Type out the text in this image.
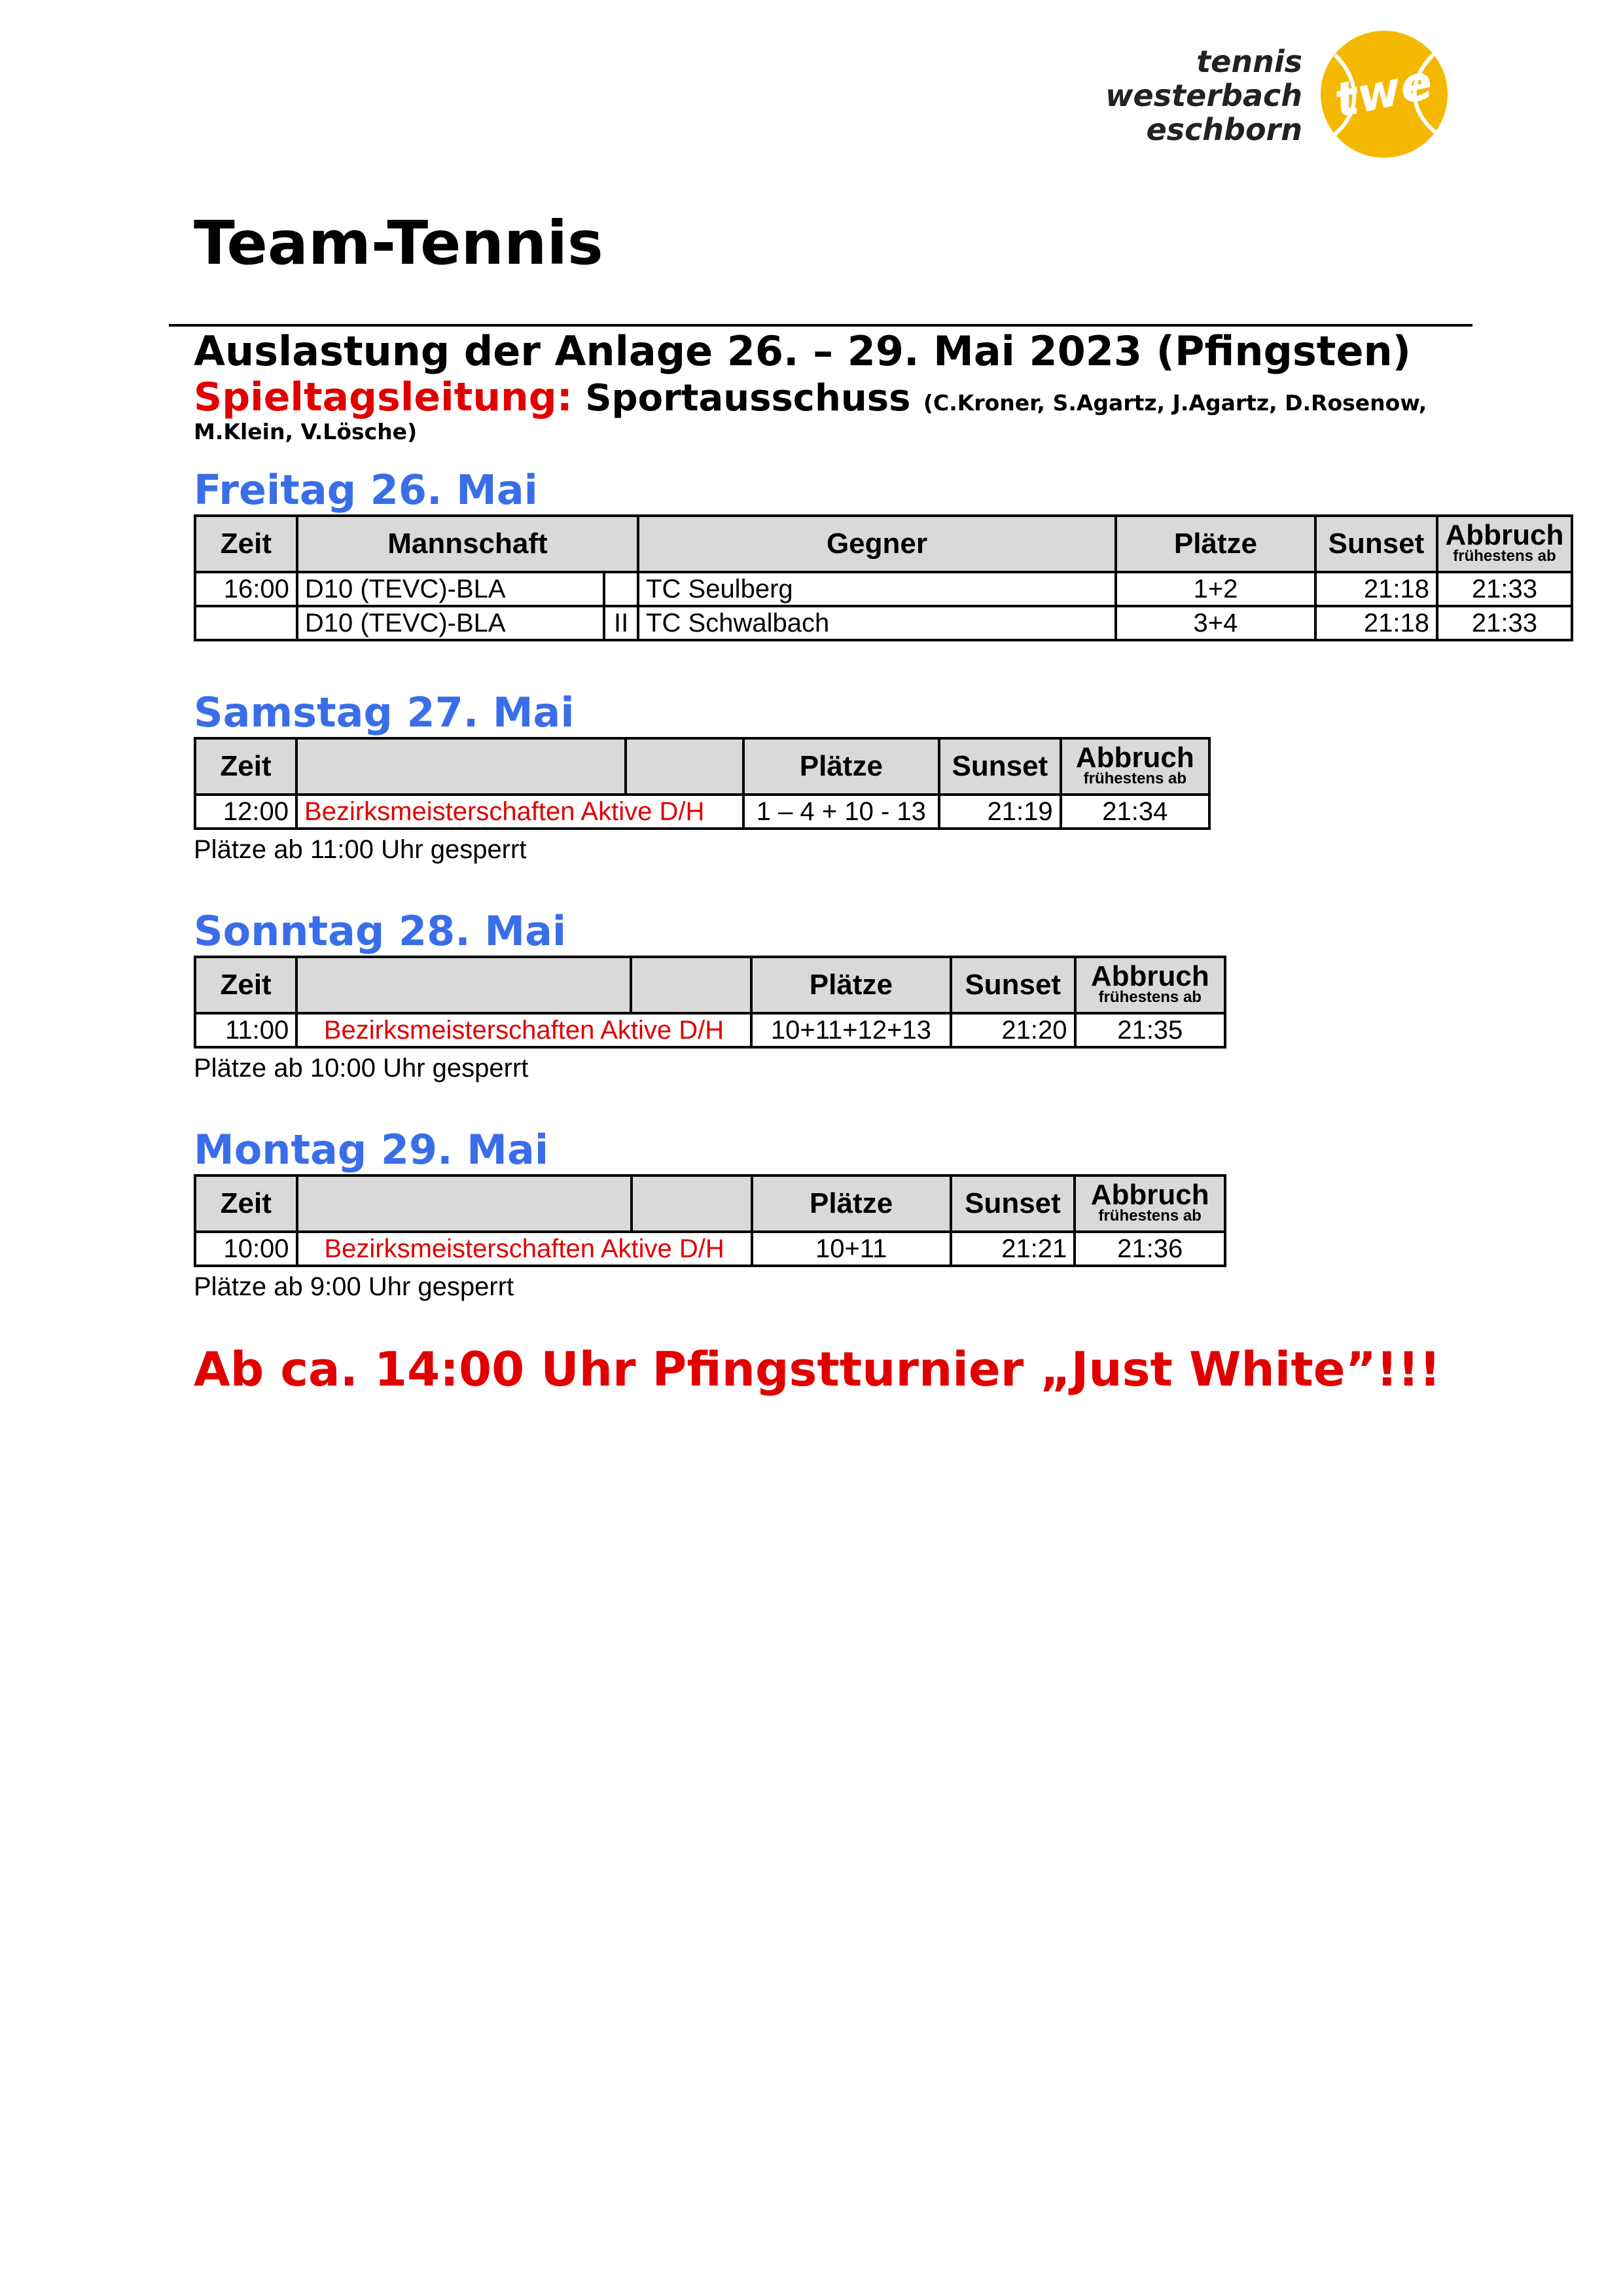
tennis
westerbach
eschborn
twe
Team-Tennis
Auslastung der Anlage 26. – 29. Mai 2023 (Pfingsten)
Spieltagsleitung: Sportausschuss (C.Kroner, S.Agartz, J.Agartz, D.Rosenow,
M.Klein, V.Lösche)
Freitag 26. Mai
Zeit	Mannschaft		Gegner	Plätze	Sunset	Abbruch
frühestens ab

16:00	D10 (TEVC)-BLA		TC Seulberg	1+2	21:18	21:33
	D10 (TEVC)-BLA	II	TC Schwalbach	3+4	21:18	21:33
Samstag 27. Mai
Zeit			Plätze	Sunset	Abbruch
frühestens ab

12:00	Bezirksmeisterschaften Aktive D/H		1 – 4 + 10 - 13	21:19	21:34
Plätze ab 11:00 Uhr gesperrt
Sonntag 28. Mai
Zeit			Plätze	Sunset	Abbruch
frühestens ab

11:00	Bezirksmeisterschaften Aktive D/H		10+11+12+13	21:20	21:35
Plätze ab 10:00 Uhr gesperrt
Montag 29. Mai
Zeit			Plätze	Sunset	Abbruch
frühestens ab

10:00	Bezirksmeisterschaften Aktive D/H		10+11	21:21	21:36
Plätze ab 9:00 Uhr gesperrt
Ab ca. 14:00 Uhr Pfingstturnier „Just White”!!!
